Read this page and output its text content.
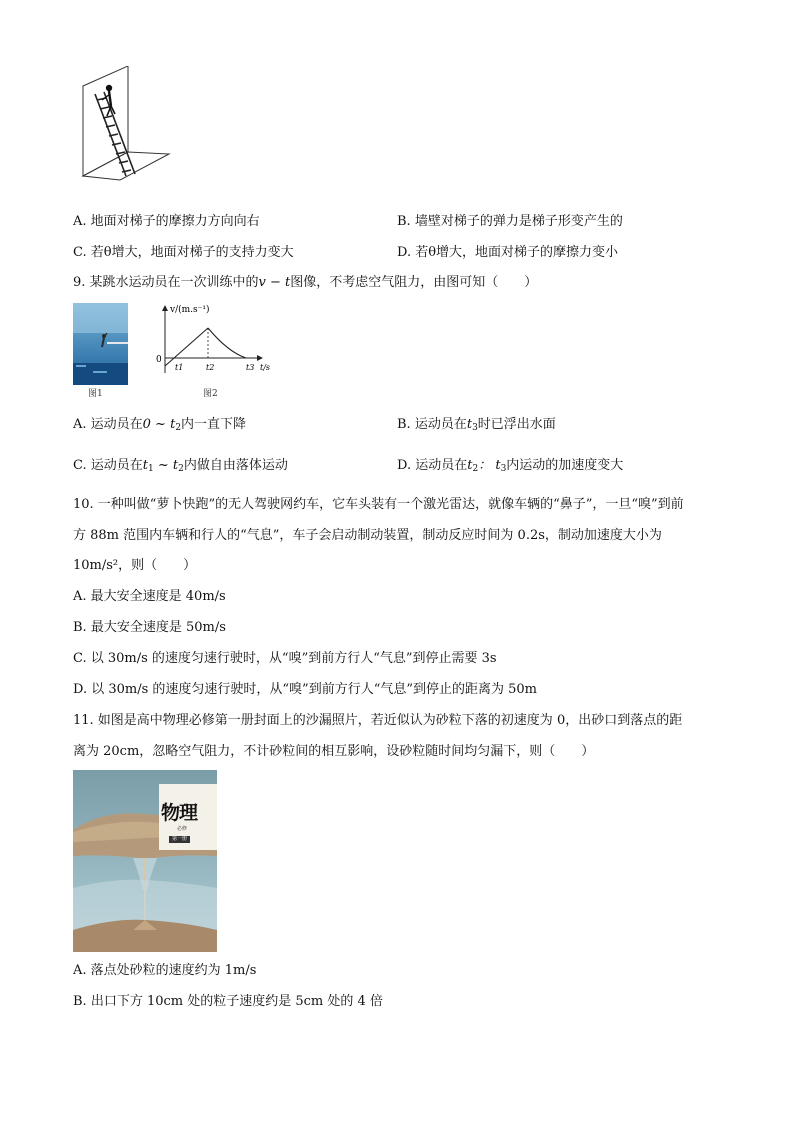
A. 地面对梯子的摩擦力方向向右	B. 墙壁对梯子的弹力是梯子形变产生的
C. 若θ增大，地面对梯子的支持力变大	D. 若θ增大，地面对梯子的摩擦力变小
9. 某跳水运动员在一次训练中的v − t图像，不考虑空气阻力，由图可知（　　）
图1
v/(m.s⁻¹)
0
t1	t2	t3 t/s
图2
A. 运动员在0 ~ $t_2$内一直下降	B. 运动员在$t_3$时已浮出水面
C. 运动员在$t_1$ ~ $t_2$内做自由落体运动	D. 运动员在$t_2$： $t_3$内运动的加速度变大
10. 一种叫做“萝卜快跑”的无人驾驶网约车，它车头装有一个激光雷达，就像车辆的“鼻子”，一旦“嗅”到前
方 88m 范围内车辆和行人的“气息”，车子会启动制动装置，制动反应时间为 0.2s，制动加速度大小为
10m/s²，则（　　）
A. 最大安全速度是 40m/s
B. 最大安全速度是 50m/s
C. 以 30m/s 的速度匀速行驶时，从“嗅”到前方行人“气息”到停止需要 3s
D. 以 30m/s 的速度匀速行驶时，从“嗅”到前方行人“气息”到停止的距离为 50m
11. 如图是高中物理必修第一册封面上的沙漏照片，若近似认为砂粒下落的初速度为 0，出砂口到落点的距
离为 20cm，忽略空气阻力，不计砂粒间的相互影响，设砂粒随时间均匀漏下，则（　　）
物理
必修
第一册
A. 落点处砂粒的速度约为 1m/s
B. 出口下方 10cm 处的粒子速度约是 5cm 处的 4 倍
